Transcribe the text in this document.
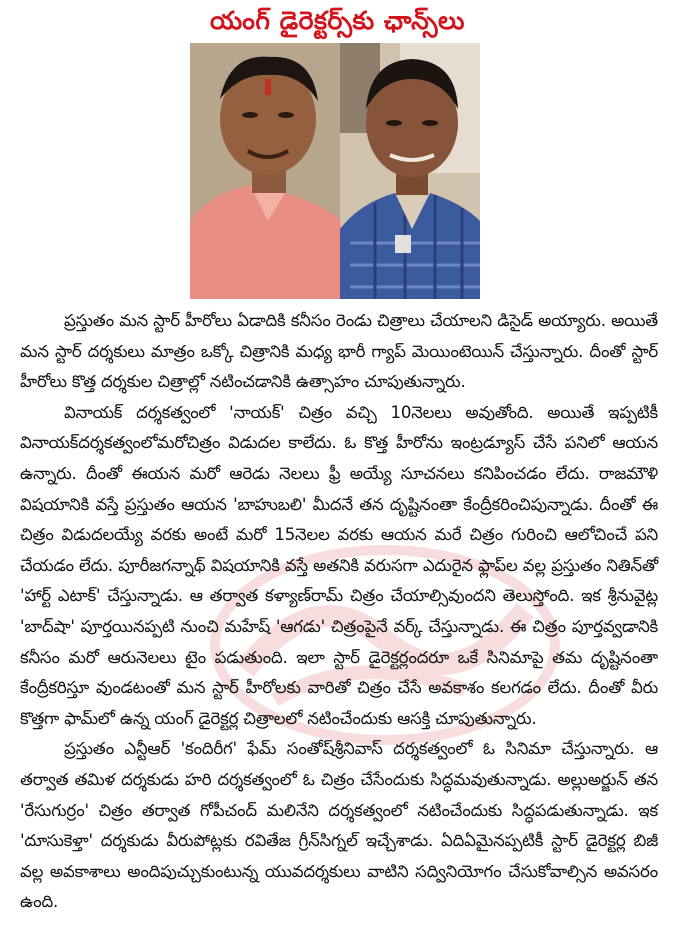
యంగ్ డైరెక్టర్స్‌కు ఛాన్స్‌లు

ప్రస్తుతం మన స్టార్ హీరోలు ఏడాదికి కనీసం రెండు చిత్రాలు చేయాలని డిసైడ్ అయ్యారు. అయితే మన స్టార్ దర్శకులు మాత్రం ఒక్కో చిత్రానికి మధ్య భారీ గ్యాప్ మెయింటెయిన్ చేస్తున్నారు. దీంతో స్టార్ హీరోలు కొత్త దర్శకుల చిత్రాల్లో నటించడానికి ఉత్సాహం చూపుతున్నారు.

వినాయక్ దర్శకత్వంలో 'నాయక్' చిత్రం వచ్చి 10నెలలు అవుతోంది. అయితే ఇప్పటికీ వినాయక్‌దర్శకత్వంలోమరోచిత్రం విడుదల కాలేదు. ఓ కొత్త హీరోను ఇంట్రడ్యూస్ చేసే పనిలో ఆయన ఉన్నారు. దీంతో ఈయన మరో ఆరెడు నెలలు ఫ్రీ అయ్యే సూచనలు కనిపించడం లేదు. రాజమౌళి విషయానికి వస్తే ప్రస్తుతం ఆయన 'బాహుబలి' మీదనే తన దృష్టినంతా కేంద్రీకరించిపున్నాడు. దీంతో ఈ చిత్రం విడుదలయ్యే వరకు అంటే మరో 15నెలల వరకు ఆయన మరే చిత్రం గురించి ఆలోచించే పని చేయడం లేదు. పూరీజగన్నాథ్ విషయానికి వస్తే అతనికి వరుసగా ఎదురైన ఫ్లాప్‌ల వల్ల ప్రస్తుతం నితిన్‌తో 'హార్ట్ ఎటాక్' చేస్తున్నాడు. ఆ తర్వాత కళ్యాణ్‌రామ్ చిత్రం చేయాల్సివుందని తెలుస్తోంది. ఇక శ్రీనువైట్ల 'బాద్‌షా' పూర్తయినప్పటి నుంచి మహేష్ 'ఆగడు' చిత్రంపైనే వర్క్ చేస్తున్నాడు. ఈ చిత్రం పూర్తవ్వడానికి కనీసం మరో ఆరునెలలు టైం పడుతుంది. ఇలా స్టార్ డైరెక్టర్లందరూ ఒకే సినిమాపై తమ దృష్టినంతా కేంద్రీకరిస్తూ వుండటంతో మన స్టార్ హీరోలకు వారితో చిత్రం చేసే అవకాశం కలగడం లేదు. దీంతో వీరు కొత్తగా ఫామ్‌లో ఉన్న యంగ్ డైరెక్టర్ల చిత్రాలలో నటించేందుకు ఆసక్తి చూపుతున్నారు.

ప్రస్తుతం ఎన్టీఆర్ 'కందిరీగ' ఫేమ్ సంతోష్‌శ్రీనివాస్ దర్శకత్వంలో ఓ సినిమా చేస్తున్నారు. ఆ తర్వాత తమిళ దర్శకుడు హరి దర్శకత్వంలో ఓ చిత్రం చేసేందుకు సిద్ధమవుతున్నాడు. అల్లుఅర్జున్ తన 'రేసుగుర్రం' చిత్రం తర్వాత గోపీచంద్ మలినేని దర్శకత్వంలో నటించేందుకు సిద్ధపడుతున్నాడు. ఇక 'దూసుకెళ్తా' దర్శకుడు వీరుపోట్లకు రవితేజ గ్రీన్‌సిగ్నల్ ఇచ్చేశాడు. ఏదిఏమైనప్పటికీ స్టార్ డైరెక్టర్ల బిజీ వల్ల అవకాశాలు అందిపుచ్చుకుంటున్న యువదర్శకులు వాటిని సద్వినియోగం చేసుకోవాల్సిన అవసరం ఉంది.
